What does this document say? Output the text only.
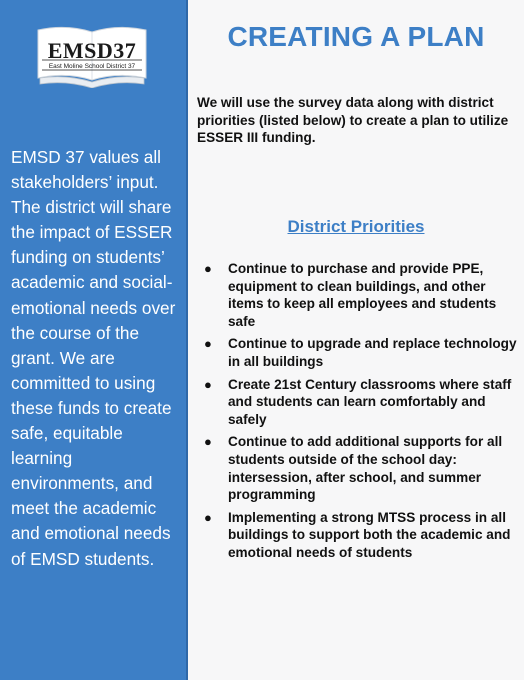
EMSD37
East Moline School District 37

EMSD 37 values all stakeholders’ input. The district will share the impact of ESSER funding on students’ academic and social-emotional needs over the course of the grant. We are committed to using these funds to create safe, equitable learning environments, and meet the academic and emotional needs of EMSD students.

CREATING A PLAN

We will use the survey data along with district priorities (listed below) to create a plan to utilize ESSER III funding.

District Priorities
● Continue to purchase and provide PPE, equipment to clean buildings, and other items to keep all employees and students safe
● Continue to upgrade and replace technology in all buildings
● Create 21st Century classrooms where staff and students can learn comfortably and safely
● Continue to add additional supports for all students outside of the school day: intersession, after school, and summer programming
● Implementing a strong MTSS process in all buildings to support both the academic and emotional needs of students
